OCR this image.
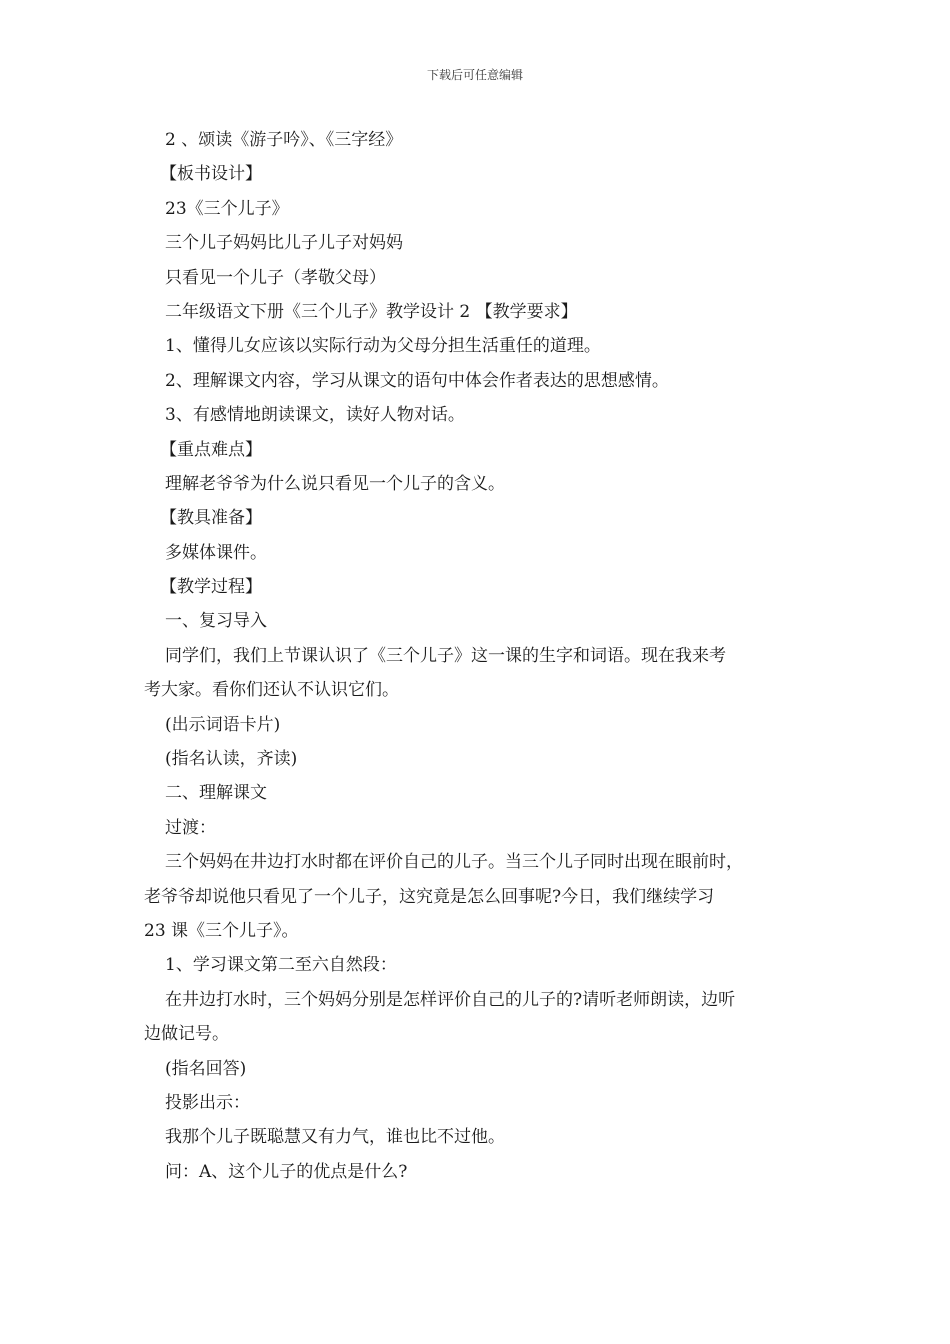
下载后可任意编辑
2 、颂读《游子吟》、《三字经》
【板书设计】
23《三个儿子》
三个儿子妈妈比儿子儿子对妈妈
只看见一个儿子（孝敬父母）
二年级语文下册《三个儿子》教学设计 2 【教学要求】
1、懂得儿女应该以实际行动为父母分担生活重任的道理。
2、理解课文内容，学习从课文的语句中体会作者表达的思想感情。
3、有感情地朗读课文，读好人物对话。
【重点难点】
理解老爷爷为什么说只看见一个儿子的含义。
【教具准备】
多媒体课件。
【教学过程】
一、复习导入
同学们，我们上节课认识了《三个儿子》这一课的生字和词语。现在我来考
考大家。看你们还认不认识它们。
(出示词语卡片)
(指名认读，齐读)
二、理解课文
过渡：
三个妈妈在井边打水时都在评价自己的儿子。当三个儿子同时出现在眼前时，
老爷爷却说他只看见了一个儿子，这究竟是怎么回事呢?今日，我们继续学习
23 课《三个儿子》。
1、学习课文第二至六自然段：
在井边打水时，三个妈妈分别是怎样评价自己的儿子的?请听老师朗读，边听
边做记号。
(指名回答)
投影出示：
我那个儿子既聪慧又有力气，谁也比不过他。
问：A、这个儿子的优点是什么?
